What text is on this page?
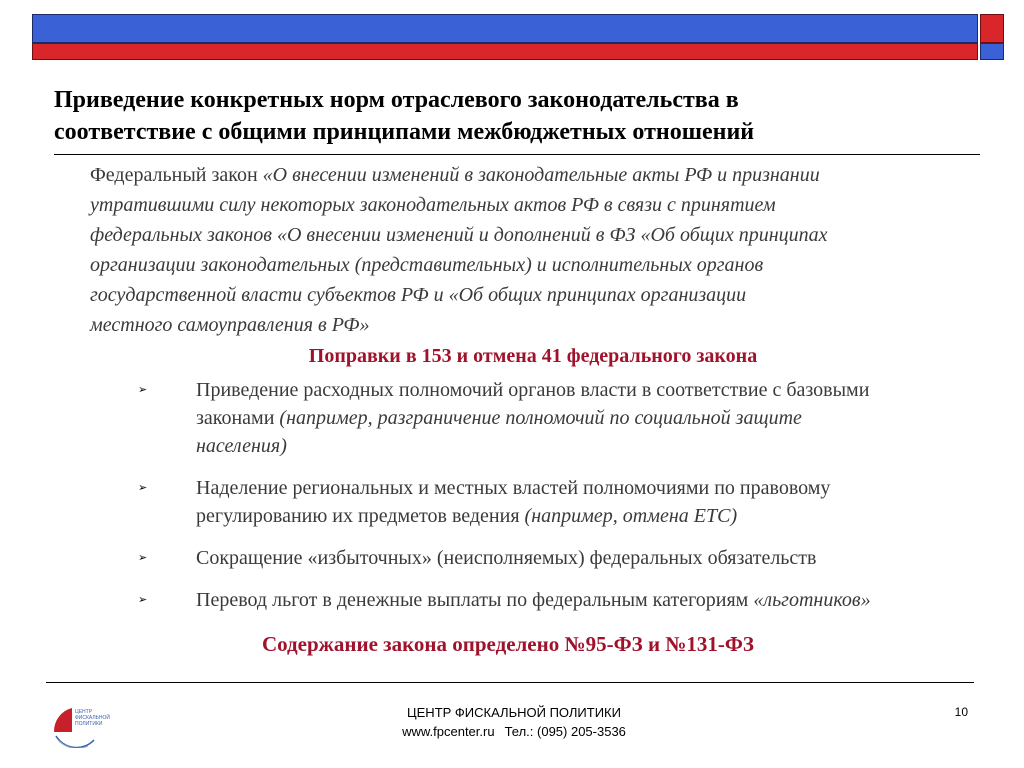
Приведение конкретных норм отраслевого законодательства в
соответствие с общими принципами межбюджетных отношений
Федеральный закон «О внесении изменений в законодательные акты РФ и признании
утратившими силу некоторых законодательных актов РФ в связи с принятием
федеральных законов «О внесении изменений и дополнений в ФЗ «Об общих принципах
организации законодательных (представительных) и исполнительных органов
государственной власти субъектов РФ и «Об общих принципах организации
местного самоуправления в РФ»
Поправки в 153 и отмена 41 федерального закона
➢ Приведение расходных полномочий органов власти в соответствие с базовыми
законами (например, разграничение полномочий по социальной защите
населения)
➢ Наделение региональных и местных властей полномочиями по правовому
регулированию их предметов ведения (например, отмена ЕТС)
➢ Сокращение «избыточных» (неисполняемых) федеральных обязательств
➢ Перевод льгот в денежные выплаты по федеральным категориям «льготников»
Содержание закона определено №95-ФЗ и №131-ФЗ
ЦЕНТР
ФИСКАЛЬНОЙ
ПОЛИТИКИ
ЦЕНТР ФИСКАЛЬНОЙ ПОЛИТИКИ
www.fpcenter.ru Тел.: (095) 205-3536
10
